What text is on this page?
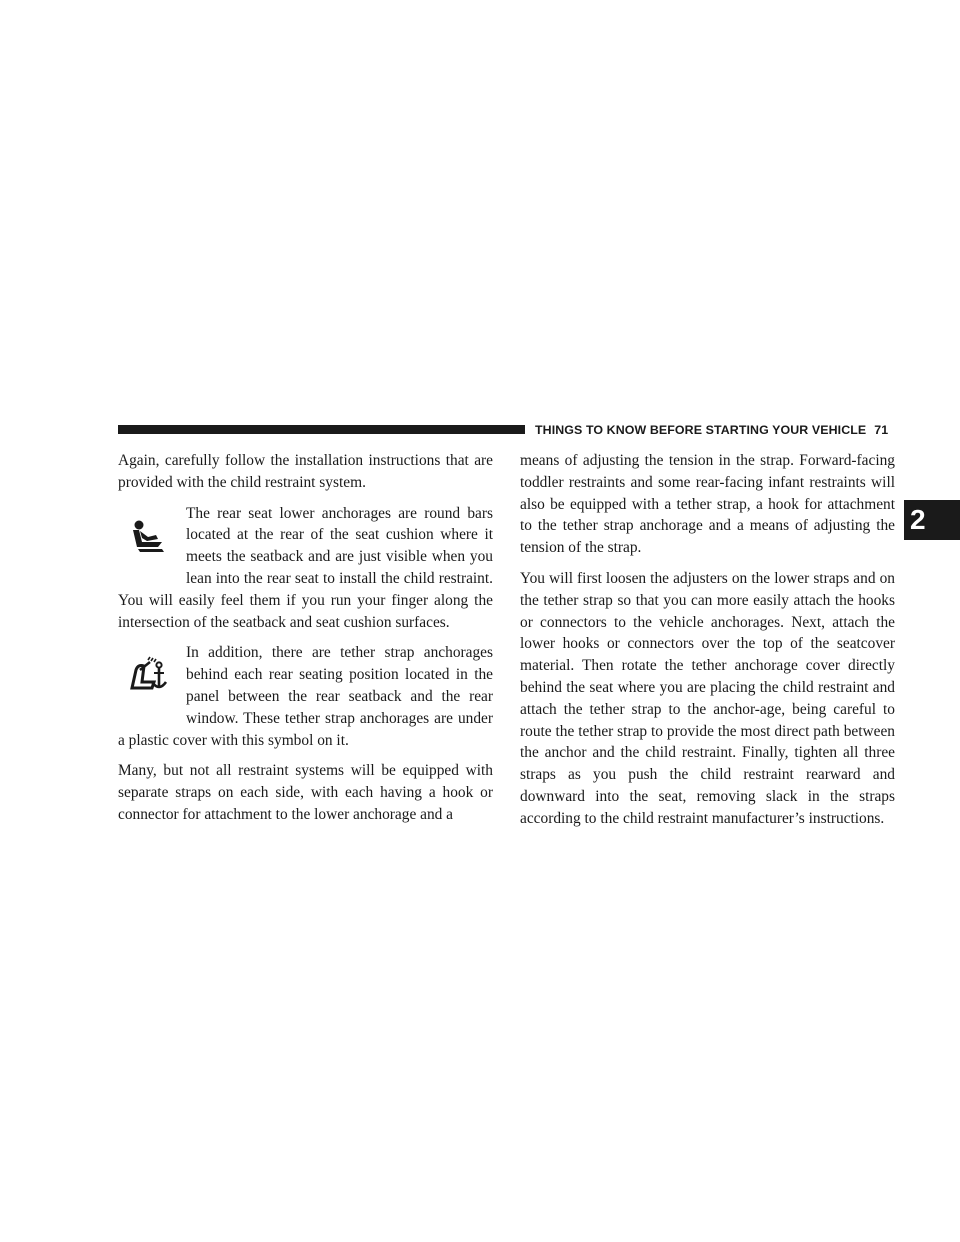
THINGS TO KNOW BEFORE STARTING YOUR VEHICLE 71
2

Again, carefully follow the installation instructions that are provided with the child restraint system.

The rear seat lower anchorages are round bars located at the rear of the seat cushion where it meets the seatback and are just visible when you lean into the rear seat to install the child restraint. You will easily feel them if you run your finger along the intersection of the seatback and seat cushion surfaces.

In addition, there are tether strap anchorages behind each rear seating position located in the panel between the rear seatback and the rear window. These tether strap anchorages are under a plastic cover with this symbol on it.

Many, but not all restraint systems will be equipped with separate straps on each side, with each having a hook or connector for attachment to the lower anchorage and a

means of adjusting the tension in the strap. Forward-facing toddler restraints and some rear-facing infant restraints will also be equipped with a tether strap, a hook for attachment to the tether strap anchorage and a means of adjusting the tension of the strap.

You will first loosen the adjusters on the lower straps and on the tether strap so that you can more easily attach the hooks or connectors to the vehicle anchorages. Next, attach the lower hooks or connectors over the top of the seatcover material. Then rotate the tether anchorage cover directly behind the seat where you are placing the child restraint and attach the tether strap to the anchor-age, being careful to route the tether strap to provide the most direct path between the anchor and the child restraint. Finally, tighten all three straps as you push the child restraint rearward and downward into the seat, removing slack in the straps according to the child restraint manufacturer’s instructions.
